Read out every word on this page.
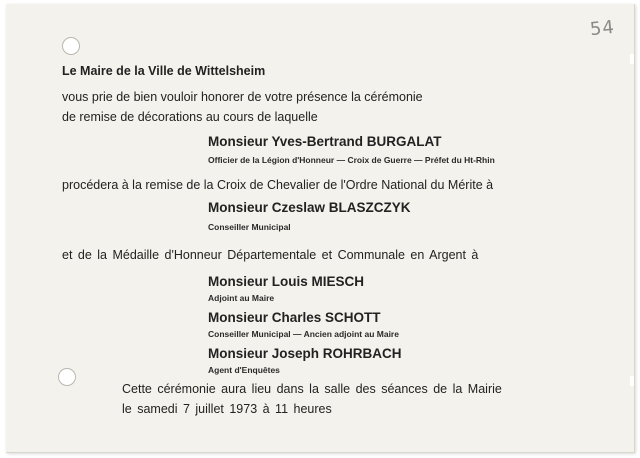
54
Le Maire de la Ville de Wittelsheim
vous prie de bien vouloir honorer de votre présence la cérémonie
de remise de décorations au cours de laquelle
Monsieur Yves-Bertrand BURGALAT
Officier de la Légion d'Honneur — Croix de Guerre — Préfet du Ht-Rhin
procédera à la remise de la Croix de Chevalier de l'Ordre National du Mérite à
Monsieur Czeslaw BLASZCZYK
Conseiller Municipal
et de la Médaille d'Honneur Départementale et Communale en Argent à
Monsieur Louis MIESCH
Adjoint au Maire
Monsieur Charles SCHOTT
Conseiller Municipal — Ancien adjoint au Maire
Monsieur Joseph ROHRBACH
Agent d'Enquêtes
Cette cérémonie aura lieu dans la salle des séances de la Mairie
le samedi 7 juillet 1973 à 11 heures
